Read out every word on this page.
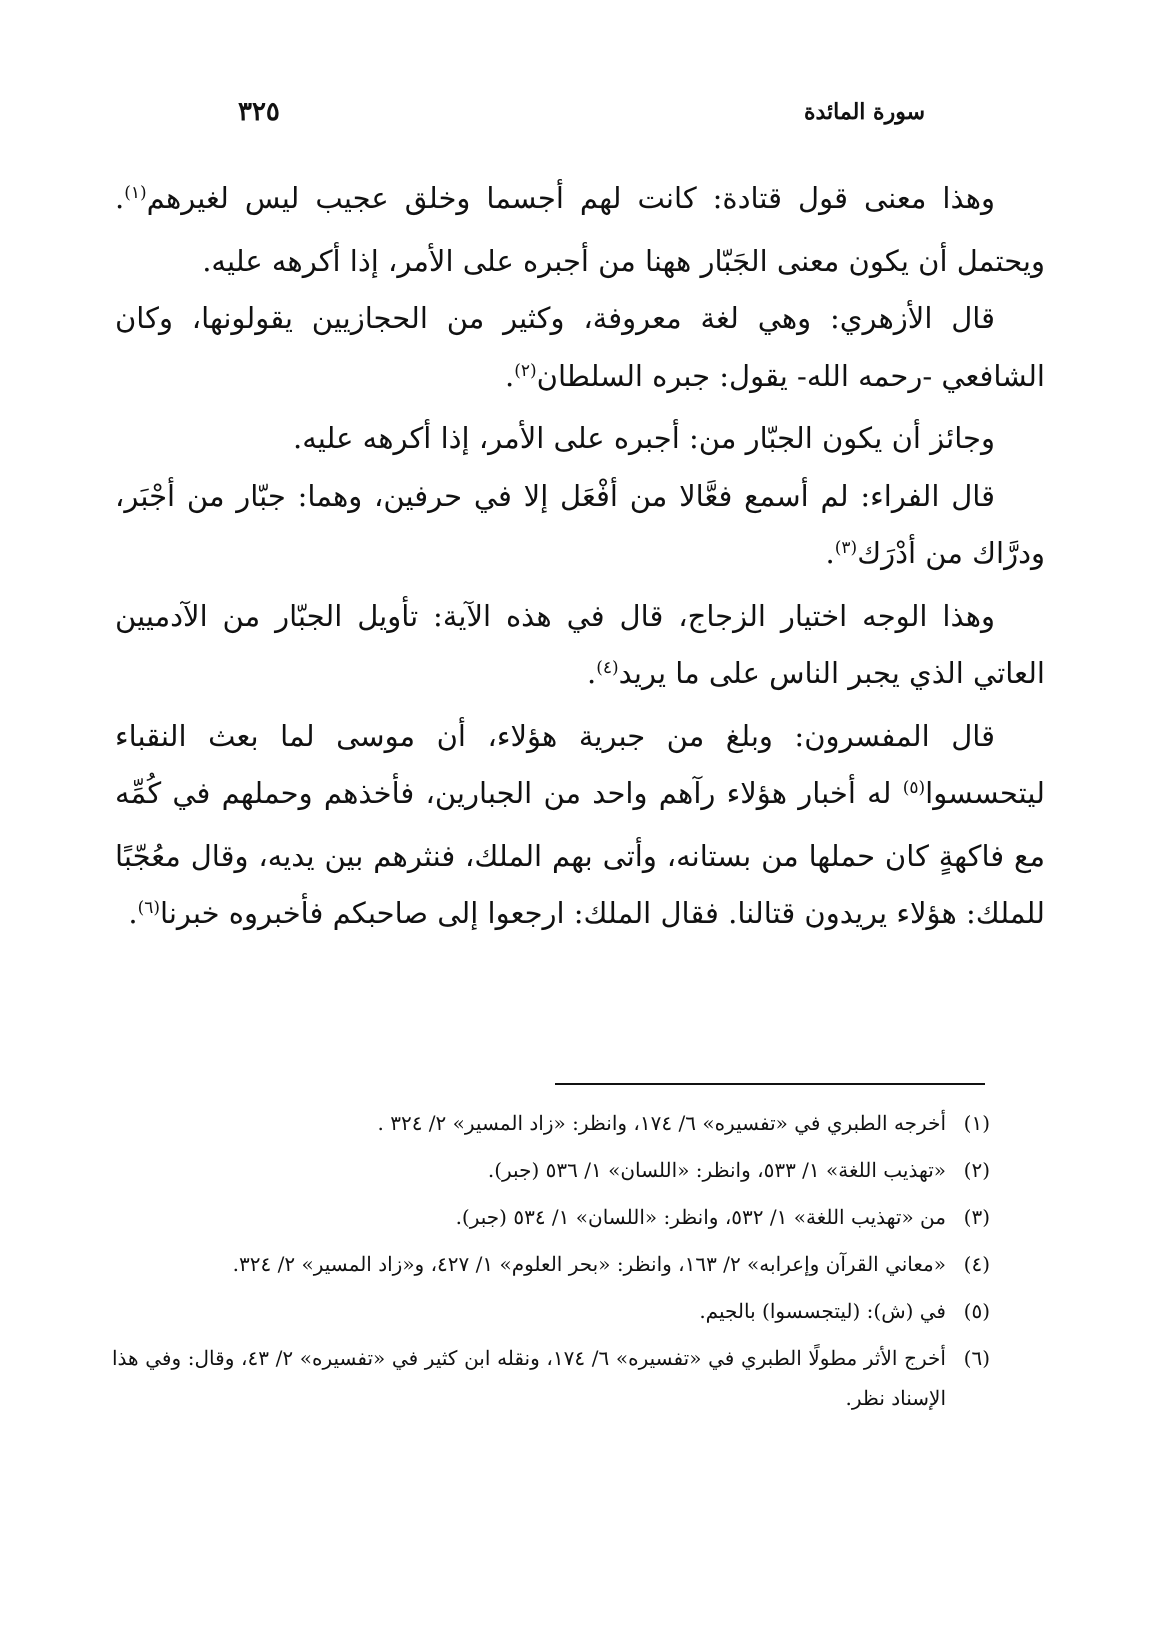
سورة المائدة
٣٢٥

وهذا معنى قول قتادة: كانت لهم أجسما وخلق عجيب ليس لغيرهم$^{(١)}$. ويحتمل أن يكون معنى الجَبّار ههنا من أجبره على الأمر، إذا أكرهه عليه.

قال الأزهري: وهي لغة معروفة، وكثير من الحجازيين يقولونها، وكان الشافعي -رحمه الله- يقول: جبره السلطان$^{(٢)}$.

وجائز أن يكون الجبّار من: أجبره على الأمر، إذا أكرهه عليه.

قال الفراء: لم أسمع فعَّالا من أفْعَل إلا في حرفين، وهما: جبّار من أجْبَر، ودرَّاك من أدْرَك$^{(٣)}$.

وهذا الوجه اختيار الزجاج، قال في هذه الآية: تأويل الجبّار من الآدميين العاتي الذي يجبر الناس على ما يريد$^{(٤)}$.

قال المفسرون: وبلغ من جبرية هؤلاء، أن موسى لما بعث النقباء ليتحسسوا$^{(٥)}$ له أخبار هؤلاء رآهم واحد من الجبارين، فأخذهم وحملهم في كُمِّه مع فاكهةٍ كان حملها من بستانه، وأتى بهم الملك، فنثرهم بين يديه، وقال معُجّبًا للملك: هؤلاء يريدون قتالنا. فقال الملك: ارجعوا إلى صاحبكم فأخبروه خبرنا$^{(٦)}$.

(١)
أخرجه الطبري في «تفسيره» ٦/ ١٧٤، وانظر: «زاد المسير» ٢/ ٣٢٤ .
(٢)
«تهذيب اللغة» ١/ ٥٣٣، وانظر: «اللسان» ١/ ٥٣٦ (جبر).
(٣)
من «تهذيب اللغة» ١/ ٥٣٢، وانظر: «اللسان» ١/ ٥٣٤ (جبر).
(٤)
«معاني القرآن وإعرابه» ٢/ ١٦٣، وانظر: «بحر العلوم» ١/ ٤٢٧، و«زاد المسير» ٢/ ٣٢٤.
(٥)
في (ش): (ليتجسسوا) بالجيم.
(٦)
أخرج الأثر مطولًا الطبري في «تفسيره» ٦/ ١٧٤، ونقله ابن كثير في «تفسيره» ٢/ ٤٣، وقال: وفي هذا الإسناد نظر.
